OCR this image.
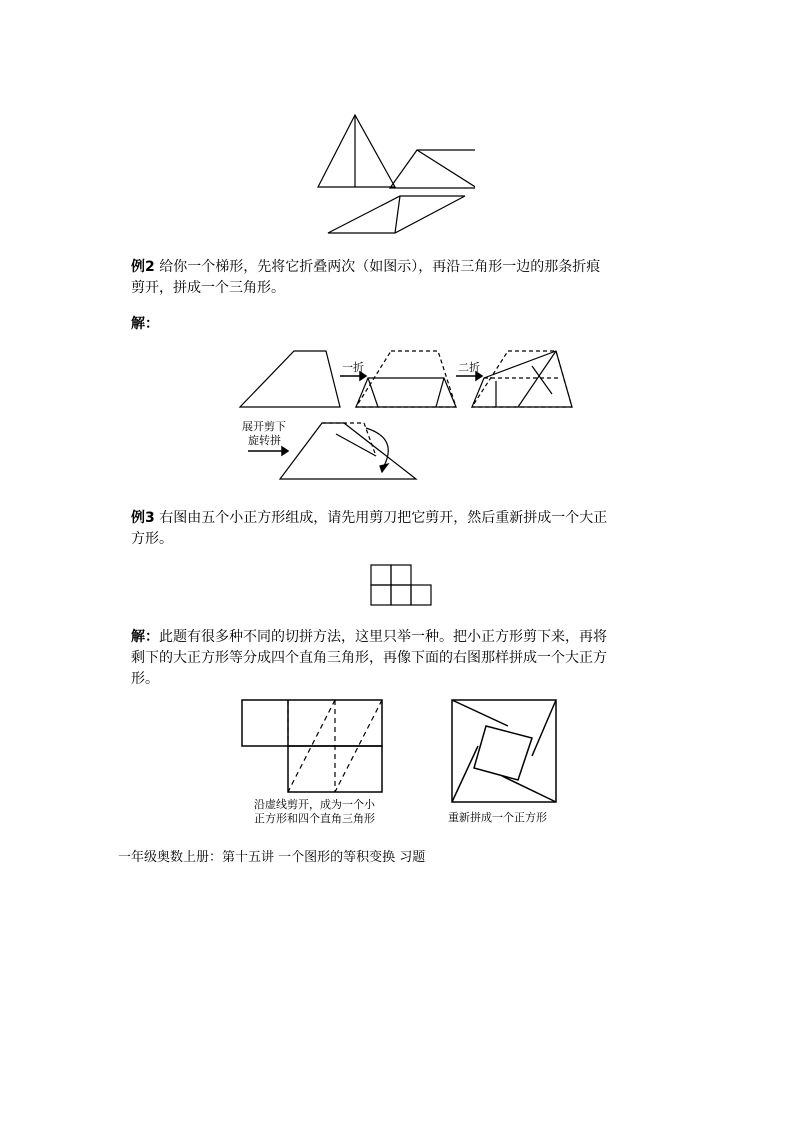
例2 给你一个梯形，先将它折叠两次（如图示），再沿三角形一边的那条折痕
剪开，拼成一个三角形。
解：
一折	二折
展开剪下
旋转拼
例3 右图由五个小正方形组成，请先用剪刀把它剪开，然后重新拼成一个大正
方形。
解：此题有很多种不同的切拼方法，这里只举一种。把小正方形剪下来，再将
剩下的大正方形等分成四个直角三角形，再像下面的右图那样拼成一个大正方
形。
沿虚线剪开，成为一个小
正方形和四个直角三角形	重新拼成一个正方形
一年级奥数上册：第十五讲 一个图形的等积变换 习题
